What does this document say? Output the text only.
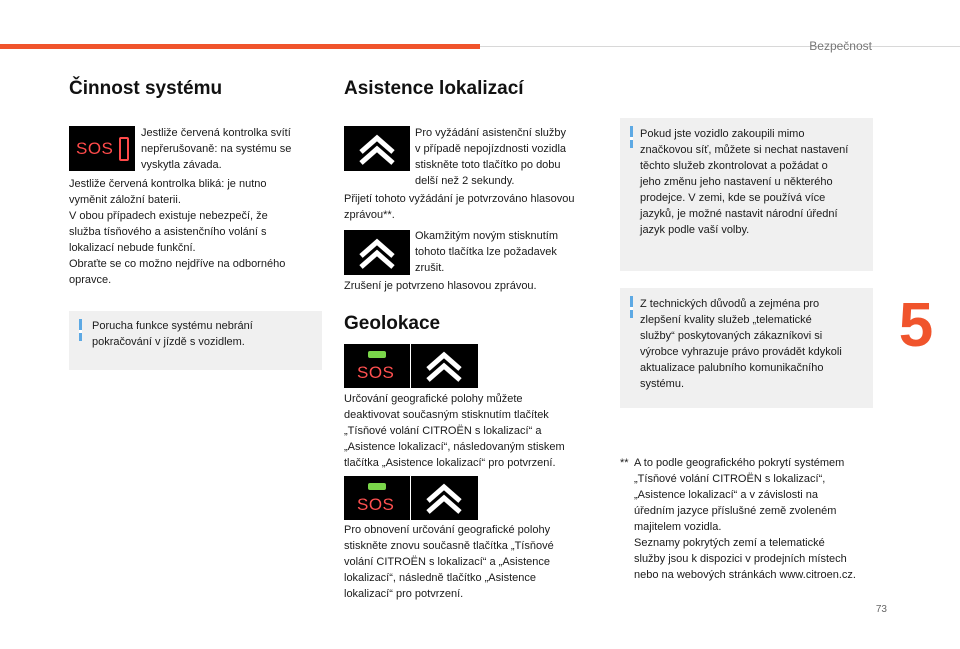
Bezpečnost
5
73
Činnost systému
SOS
Jestliže červená kontrolka svítí
nepřerušovaně: na systému se
vyskytla závada.
Jestliže červená kontrolka bliká: je nutno
vyměnit záložní baterii.
V obou případech existuje nebezpečí, že
služba tísňového a asistenčního volání s
lokalizací nebude funkční.
Obraťte se co možno nejdříve na odborného
opravce.
Porucha funkce systému nebrání
pokračování v jízdě s vozidlem.
Asistence lokalizací
Pro vyžádání asistenční služby
v případě nepojízdnosti vozidla
stiskněte toto tlačítko po dobu
delší než 2 sekundy.
Přijetí tohoto vyžádání je potvrzováno hlasovou
zprávou**.
Okamžitým novým stisknutím
tohoto tlačítka lze požadavek
zrušit.
Zrušení je potvrzeno hlasovou zprávou.
Geolokace
SOS
Určování geografické polohy můžete
deaktivovat současným stisknutím tlačítek
„Tísňové volání CITROËN s lokalizací“ a
„Asistence lokalizací“, následovaným stiskem
tlačítka „Asistence lokalizací“ pro potvrzení.
SOS
Pro obnovení určování geografické polohy
stiskněte znovu současně tlačítka „Tísňové
volání CITROËN s lokalizací“ a „Asistence
lokalizací“, následně tlačítko „Asistence
lokalizací“ pro potvrzení.
Pokud jste vozidlo zakoupili mimo
značkovou síť, můžete si nechat nastavení
těchto služeb zkontrolovat a požádat o
jeho změnu jeho nastavení u některého
prodejce. V zemi, kde se používá více
jazyků, je možné nastavit národní úřední
jazyk podle vaší volby.
Z technických důvodů a zejména pro
zlepšení kvality služeb „telematické
služby“ poskytovaných zákazníkovi si
výrobce vyhrazuje právo provádět kdykoli
aktualizace palubního komunikačního
systému.
** A to podle geografického pokrytí systémem
„Tísňové volání CITROËN s lokalizací“,
„Asistence lokalizací“ a v závislosti na
úředním jazyce příslušné země zvoleném
majitelem vozidla.
Seznamy pokrytých zemí a telematické
služby jsou k dispozici v prodejních místech
nebo na webových stránkách www.citroen.cz.
